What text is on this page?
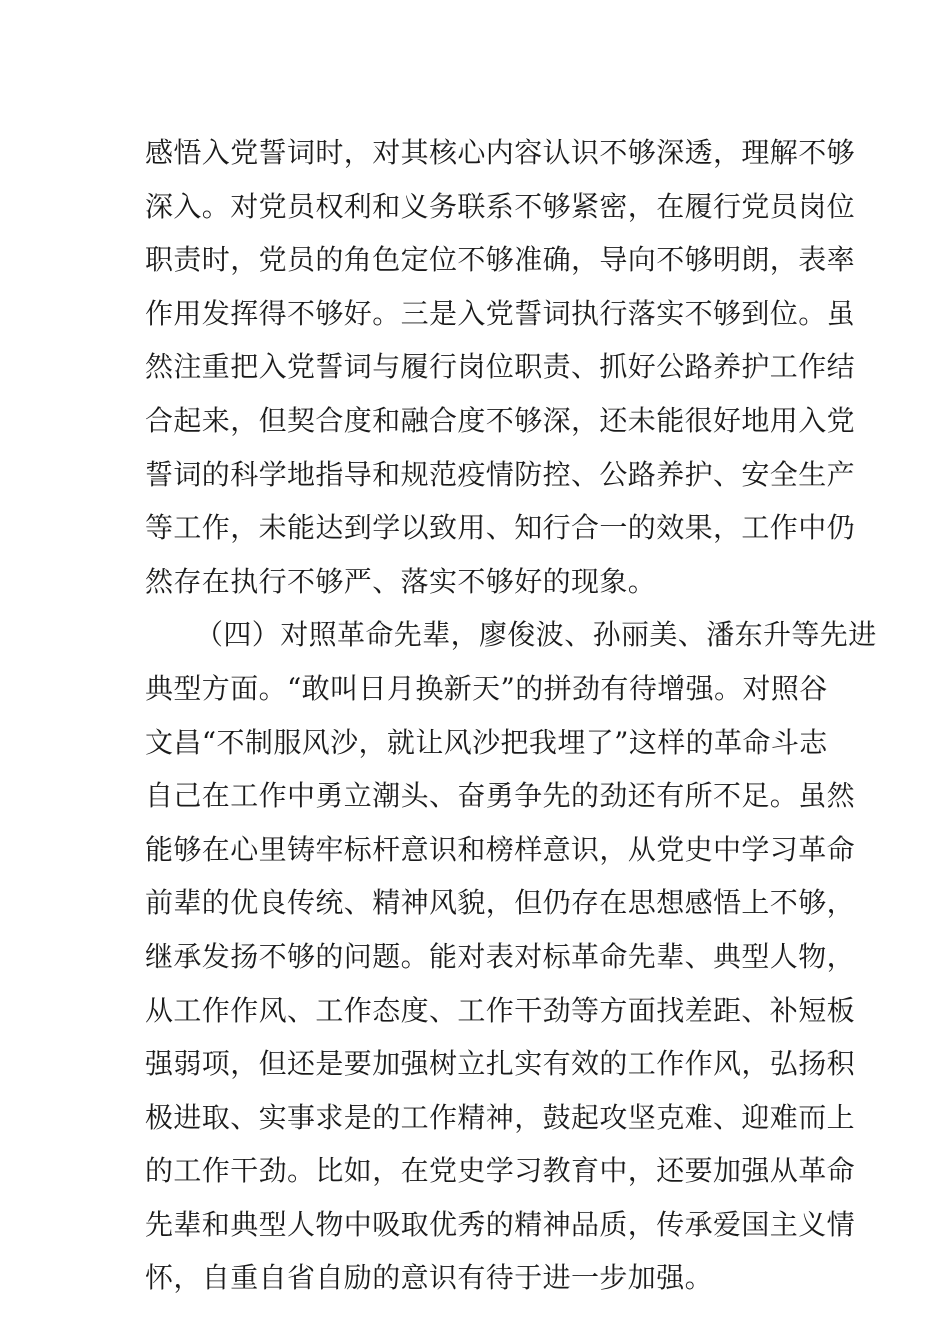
感悟入党誓词时，对其核心内容认识不够深透，理解不够
深入。对党员权利和义务联系不够紧密，在履行党员岗位
职责时，党员的角色定位不够准确，导向不够明朗，表率
作用发挥得不够好。三是入党誓词执行落实不够到位。虽
然注重把入党誓词与履行岗位职责、抓好公路养护工作结
合起来，但契合度和融合度不够深，还未能很好地用入党
誓词的科学地指导和规范疫情防控、公路养护、安全生产
等工作，未能达到学以致用、知行合一的效果，工作中仍
然存在执行不够严、落实不够好的现象。
（四）对照革命先辈，廖俊波、孙丽美、潘东升等先进
典型方面。“敢叫日月换新天”的拼劲有待增强。对照谷
文昌“不制服风沙，就让风沙把我埋了”这样的革命斗志
自己在工作中勇立潮头、奋勇争先的劲还有所不足。虽然
能够在心里铸牢标杆意识和榜样意识，从党史中学习革命
前辈的优良传统、精神风貌，但仍存在思想感悟上不够，
继承发扬不够的问题。能对表对标革命先辈、典型人物，
从工作作风、工作态度、工作干劲等方面找差距、补短板
强弱项，但还是要加强树立扎实有效的工作作风，弘扬积
极进取、实事求是的工作精神，鼓起攻坚克难、迎难而上
的工作干劲。比如，在党史学习教育中，还要加强从革命
先辈和典型人物中吸取优秀的精神品质，传承爱国主义情
怀，自重自省自励的意识有待于进一步加强。
